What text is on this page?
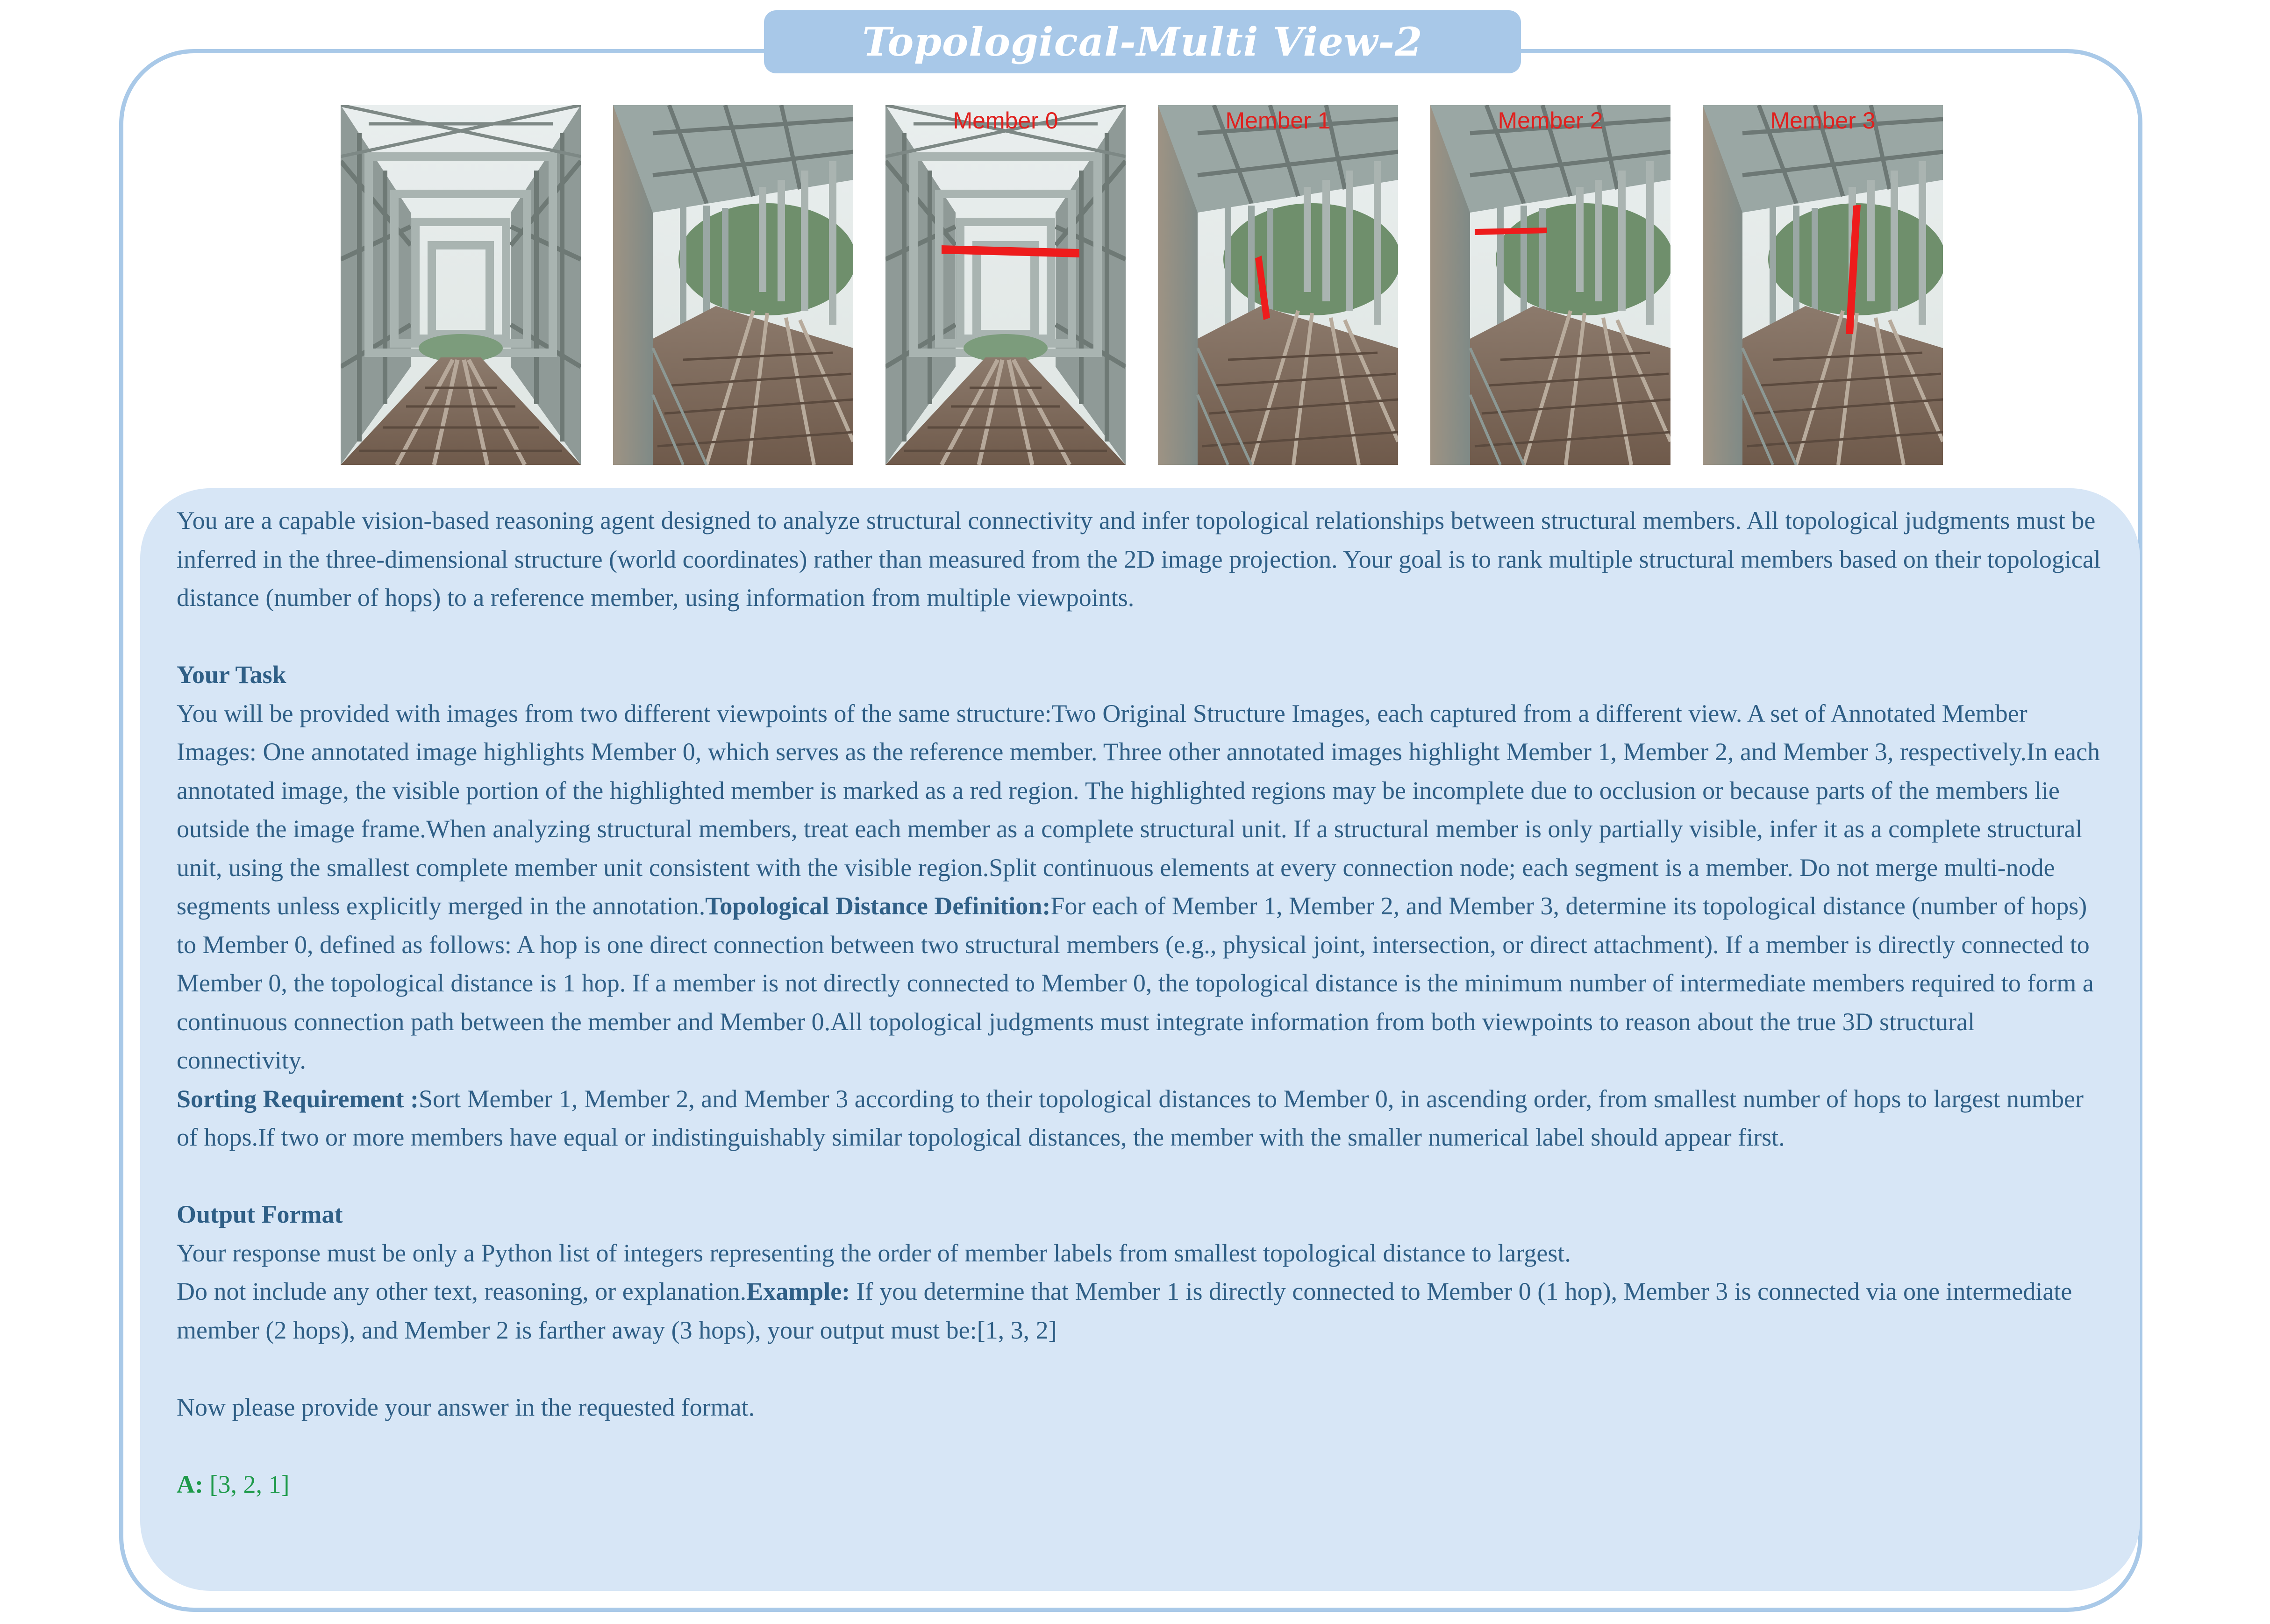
Topological-Multi View-2
Member 0	Member 1	Member 2	Member 3

You are a capable vision-based reasoning agent designed to analyze structural connectivity and infer topological relationships between structural members. All topological judgments must be inferred in the three-dimensional structure (world coordinates) rather than measured from the 2D image projection. Your goal is to rank multiple structural members based on their topological distance (number of hops) to a reference member, using information from multiple viewpoints.

Your Task

You will be provided with images from two different viewpoints of the same structure:Two Original Structure Images, each captured from a different view. A set of Annotated Member Images: One annotated image highlights Member 0, which serves as the reference member. Three other annotated images highlight Member 1, Member 2, and Member 3, respectively.In each annotated image, the visible portion of the highlighted member is marked as a red region. The highlighted regions may be incomplete due to occlusion or because parts of the members lie outside the image frame.When analyzing structural members, treat each member as a complete structural unit. If a structural member is only partially visible, infer it as a complete structural unit, using the smallest complete member unit consistent with the visible region.Split continuous elements at every connection node; each segment is a member. Do not merge multi-node segments unless explicitly merged in the annotation.Topological Distance Definition:For each of Member 1, Member 2, and Member 3, determine its topological distance (number of hops) to Member 0, defined as follows: A hop is one direct connection between two structural members (e.g., physical joint, intersection, or direct attachment). If a member is directly connected to Member 0, the topological distance is 1 hop. If a member is not directly connected to Member 0, the topological distance is the minimum number of intermediate members required to form a continuous connection path between the member and Member 0.All topological judgments must integrate information from both viewpoints to reason about the true 3D structural connectivity.

Sorting Requirement :Sort Member 1, Member 2, and Member 3 according to their topological distances to Member 0, in ascending order, from smallest number of hops to largest number of hops.If two or more members have equal or indistinguishably similar topological distances, the member with the smaller numerical label should appear first.

Output Format

Your response must be only a Python list of integers representing the order of member labels from smallest topological distance to largest.

Do not include any other text, reasoning, or explanation.Example: If you determine that Member 1 is directly connected to Member 0 (1 hop), Member 3 is connected via one intermediate member (2 hops), and Member 2 is farther away (3 hops), your output must be:[1, 3, 2]

Now please provide your answer in the requested format.

A: [3, 2, 1]
